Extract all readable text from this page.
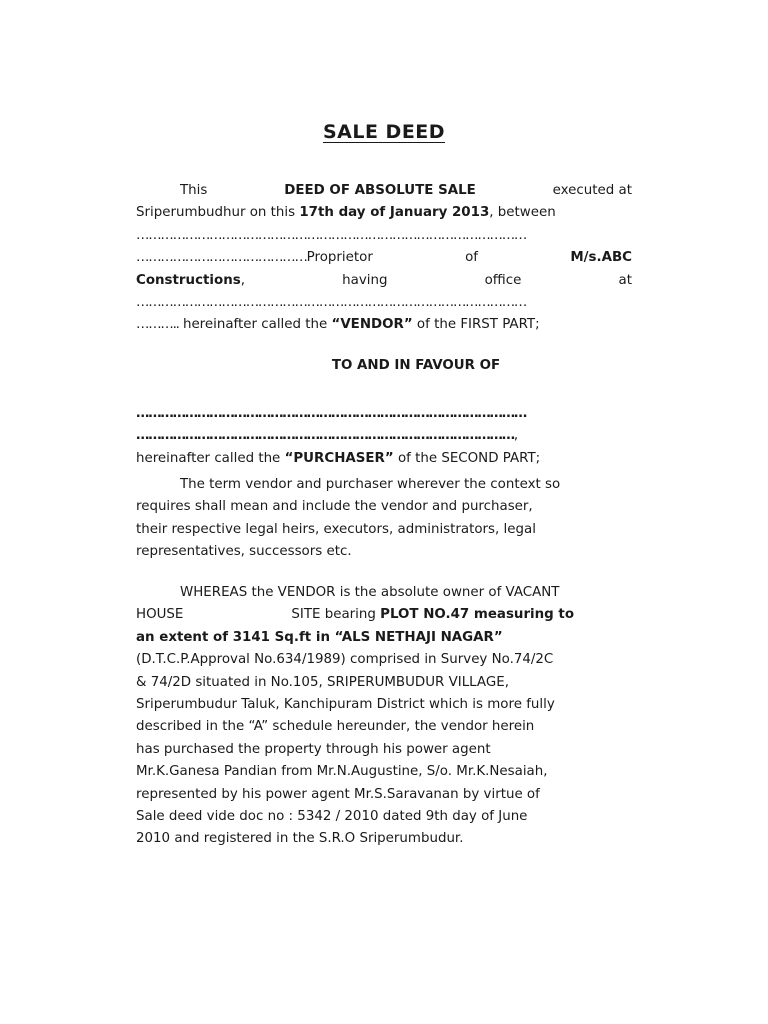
SALE DEED
This	DEED OF ABSOLUTE SALE	executed at
Sriperumbudhur on this 17th day of January 2013, between
……………………………………………………………………………………
……………………………………Proprietor	of	M/s.ABC
Constructions,	having	office	at
……………………………………………………………………………………
……….. hereinafter called the “VENDOR” of the FIRST PART;
TO AND IN FAVOUR OF
……………………………………………………………………………………
…………………………………………………………………………………,
hereinafter called the “PURCHASER” of the SECOND PART;
The term vendor and purchaser wherever the context so
requires shall mean and include the vendor and purchaser,
their respective legal heirs, executors, administrators, legal
representatives, successors etc.
WHEREAS the VENDOR is the absolute owner of VACANT
HOUSE	SITE bearing PLOT NO.47 measuring to
an extent of 3141 Sq.ft in “ALS NETHAJI NAGAR”
(D.T.C.P.Approval No.634/1989) comprised in Survey No.74/2C
& 74/2D situated in No.105, SRIPERUMBUDUR VILLAGE,
Sriperumbudur Taluk, Kanchipuram District which is more fully
described in the “A” schedule hereunder, the vendor herein
has purchased the property through his power agent
Mr.K.Ganesa Pandian from Mr.N.Augustine, S/o. Mr.K.Nesaiah,
represented by his power agent Mr.S.Saravanan by virtue of
Sale deed vide doc no : 5342 / 2010 dated 9th day of June
2010 and registered in the S.R.O Sriperumbudur.
